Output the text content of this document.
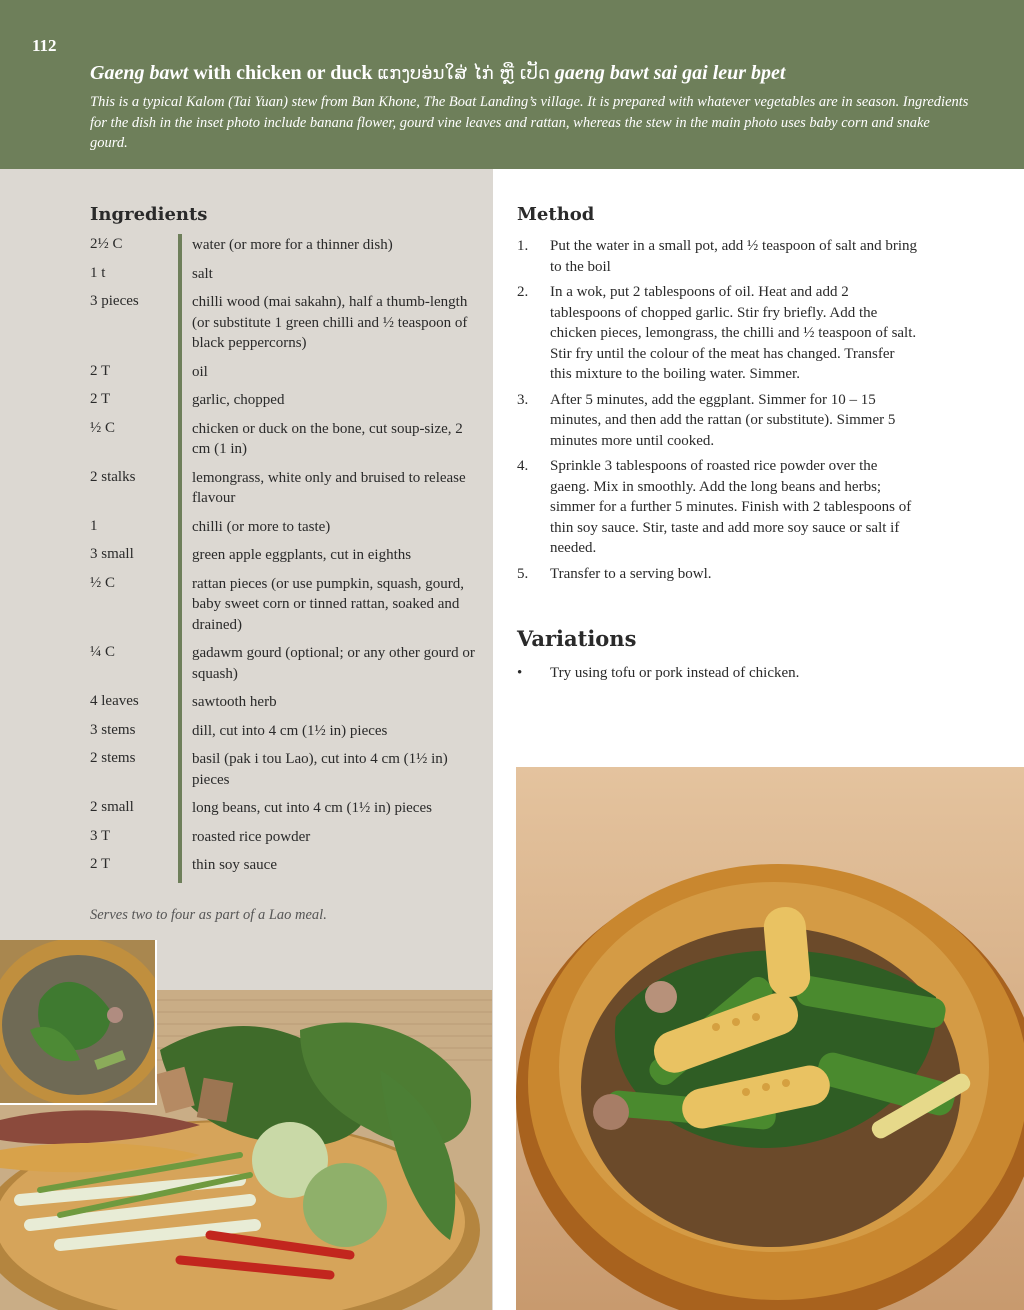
112
Gaeng bawt with chicken or duck ແກງບອ່ນໃສ່ ໄກ່ ຫຼື ເປັດ gaeng bawt sai gai leur bpet
This is a typical Kalom (Tai Yuan) stew from Ban Khone, The Boat Landing’s village. It is prepared with whatever vegetables are in season. Ingredients for the dish in the inset photo include banana flower, gourd vine leaves and rattan, whereas the stew in the main photo uses baby corn and snake gourd.
Ingredients
2½ C	water (or more for a thinner dish)
1 t	salt
3 pieces	chilli wood (mai sakahn), half a thumb-length (or substitute 1 green chilli and ½ teaspoon of black peppercorns)
2 T	oil
2 T	garlic, chopped
½ C	chicken or duck on the bone, cut soup-size, 2 cm (1 in)
2 stalks	lemongrass, white only and bruised to release flavour
1	chilli (or more to taste)
3 small	green apple eggplants, cut in eighths
½ C	rattan pieces (or use pumpkin, squash, gourd, baby sweet corn or tinned rattan, soaked and drained)
¼ C	gadawm gourd (optional; or any other gourd or squash)
4 leaves	sawtooth herb
3 stems	dill, cut into 4 cm (1½ in) pieces
2 stems	basil (pak i tou Lao), cut into 4 cm (1½ in) pieces
2 small	long beans, cut into 4 cm (1½ in) pieces
3 T	roasted rice powder
2 T	thin soy sauce
Serves two to four as part of a Lao meal.
Method
1.	Put the water in a small pot, add ½ teaspoon of salt and bring to the boil
2.	In a wok, put 2 tablespoons of oil. Heat and add 2 tablespoons of chopped garlic. Stir fry briefly. Add the chicken pieces, lemongrass, the chilli and ½ teaspoon of salt. Stir fry until the colour of the meat has changed. Transfer this mixture to the boiling water. Simmer.
3.	After 5 minutes, add the eggplant. Simmer for 10 – 15 minutes, and then add the rattan (or substitute). Simmer 5 minutes more until cooked.
4.	Sprinkle 3 tablespoons of roasted rice powder over the gaeng. Mix in smoothly. Add the long beans and herbs; simmer for a further 5 minutes. Finish with 2 tablespoons of thin soy sauce. Stir, taste and add more soy sauce or salt if needed.
5.	Transfer to a serving bowl.
Variations
•	Try using tofu or pork instead of chicken.
